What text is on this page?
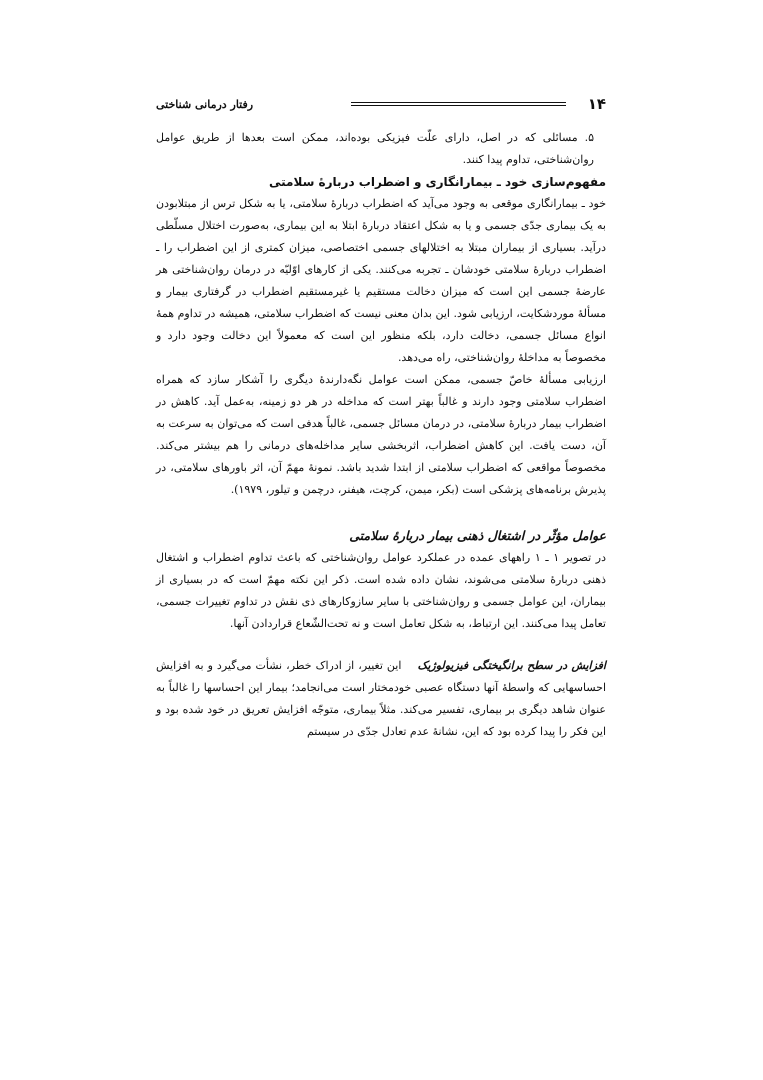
۱۴
رفتار درمانی شناختی

۵. مسائلی که در اصل، دارای علّت فیزیکی بوده‌اند، ممکن است بعدها از طریق عوامل روان‌شناختی، تداوم پیدا کنند.

مفهوم‌سازی خود ـ بیمارانگاری و اضطراب دربارهٔ سلامتی

خود ـ بیمارانگاری موقعی به وجود می‌آید که اضطراب دربارهٔ سلامتی، یا به شکل ترس از مبتلابودن به یک بیماری جدّی جسمی و یا به شکل اعتقاد دربارهٔ ابتلا به این بیماری، به‌صورت اختلال مسلّطی درآید. بسیاری از بیماران مبتلا به اختلالهای جسمی اختصاصی، میزان کمتری از این اضطراب را ـ اضطراب دربارهٔ سلامتی خودشان ـ تجربه می‌کنند. یکی از کارهای اوّلیّه در درمان روان‌شناختی هر عارضهٔ جسمی این است که میزان دخالت مستقیم یا غیرمستقیم اضطراب در گرفتاری بیمار و مسألهٔ موردشکایت، ارزیابی شود. این بدان معنی نیست که اضطراب سلامتی، همیشه در تداوم همهٔ انواع مسائل جسمی، دخالت دارد، بلکه منظور این است که معمولاً این دخالت وجود دارد و مخصوصاً به مداخلهٔ روان‌شناختی، راه می‌دهد.

ارزیابی مسألهٔ خاصّ جسمی، ممکن است عوامل نگه‌دارندهٔ دیگری را آشکار سازد که همراه اضطراب سلامتی وجود دارند و غالباً بهتر است که مداخله در هر دو زمینه، به‌عمل آید. کاهش در اضطراب بیمار دربارهٔ سلامتی، در درمان مسائل جسمی، غالباً هدفی است که می‌توان به سرعت به آن، دست یافت. این کاهش اضطراب، اثربخشی سایر مداخله‌های درمانی را هم بیشتر می‌کند. مخصوصاً مواقعی که اضطراب سلامتی از ابتدا شدید باشد. نمونهٔ مهمّ آن، اثر باورهای سلامتی، در پذیرش برنامه‌های پزشکی است (بکر، میمن، کرچت، هیفنر، درچمن و تیلور، ۱۹۷۹).

عوامل مؤثّر در اشتغال ذهنی بیمار دربارهٔ سلامتی

در تصویر ۱ ـ ۱ راههای عمده در عملکرد عوامل روان‌شناختی که باعث تداوم اضطراب و اشتغال ذهنی دربارهٔ سلامتی می‌شوند، نشان داده شده است. ذکر این نکته مهمّ است که در بسیاری از بیماران، این عوامل جسمی و روان‌شناختی با سایر سازوکارهای ذی نقش در تداوم تغییرات جسمی، تعامل پیدا می‌کنند. این ارتباط، به شکل تعامل است و نه تحت‌الشّعاع قراردادن آنها.

افزایش در سطح برانگیختگی فیزیولوژیک این تغییر، از ادراک خطر، نشأت می‌گیرد و به افزایش احساسهایی که واسطهٔ آنها دستگاه عصبی خودمختار است می‌انجامد؛ بیمار این احساسها را غالباً به عنوان شاهد دیگری بر بیماری، تفسیر می‌کند. مثلاً بیماری، متوجّه افزایش تعریق در خود شده بود و این فکر را پیدا کرده بود که این، نشانهٔ عدم تعادل جدّی در سیستم
